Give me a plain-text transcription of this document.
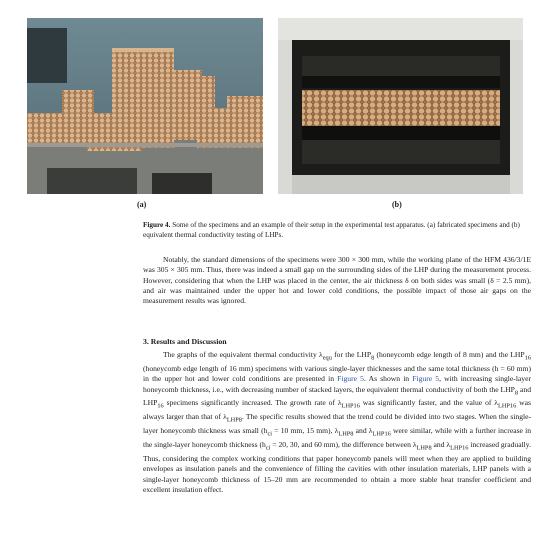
(a)	(b)
Figure 4. Some of the specimens and an example of their setup in the experimental test apparatus. (a) fabricated specimens and (b) equivalent thermal conductivity testing of LHPs.

Notably, the standard dimensions of the specimens were 300 × 300 mm, while the working plane of the HFM 436/3/1E was 305 × 305 mm. Thus, there was indeed a small gap on the surrounding sides of the LHP during the measurement process. However, considering that when the LHP was placed in the center, the air thickness δ on both sides was small (δ = 2.5 mm), and air was maintained under the upper hot and lower cold conditions, the possible impact of those air gaps on the measurement results was ignored.

3. Results and Discussion

The graphs of the equivalent thermal conductivity $\lambda_{equ}$ for the $LHP_8$ (honeycomb edge length of 8 mm) and the $LHP_{16}$ (honeycomb edge length of 16 mm) specimens with various single-layer thicknesses and the same total thickness (h = 60 mm) in the upper hot and lower cold conditions are presented in Figure 5. As shown in Figure 5, with increasing single-layer honeycomb thickness, i.e., with decreasing number of stacked layers, the equivalent thermal conductivity of both the $LHP_8$ and $LHP_{16}$ specimens significantly increased. The growth rate of $\lambda_{LHP16}$ was significantly faster, and the value of $\lambda_{LHP16}$ was always larger than that of $\lambda_{LHP8}$. The specific results showed that the trend could be divided into two stages. When the single-layer honeycomb thickness was small ($h_{ci} = 10$ mm, 15 mm), $\lambda_{LHP8}$ and $\lambda_{LHP16}$ were similar, while with a further increase in the single-layer honeycomb thickness ($h_{ci} = 20$, 30, and 60 mm), the difference between $\lambda_{LHP8}$ and $\lambda_{LHP16}$ increased gradually. Thus, considering the complex working conditions that paper honeycomb panels will meet when they are applied to building envelopes as insulation panels and the convenience of filling the cavities with other insulation materials, LHP panels with a single-layer honeycomb thickness of 15–20 mm are recommended to obtain a more stable heat transfer coefficient and excellent insulation effect.
